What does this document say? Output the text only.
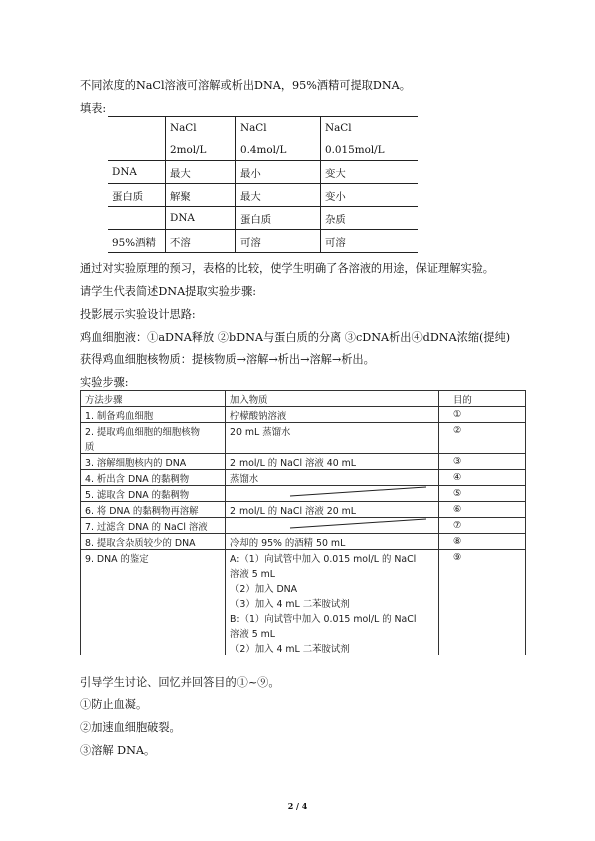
不同浓度的NaCl溶液可溶解或析出DNA，95%酒精可提取DNA。
填表:
	NaCl	NaCl	NaCl
	2mol/L	0.4mol/L	0.015mol/L
DNA	最大	最小	变大
蛋白质	解聚	最大	变小
	DNA	蛋白质	杂质
95%酒精	不溶	可溶	可溶
通过对实验原理的预习，表格的比较，使学生明确了各溶液的用途，保证理解实验。
请学生代表简述DNA提取实验步骤:
投影展示实验设计思路:
鸡血细胞液：①aDNA释放 ②bDNA与蛋白质的分离 ③cDNA析出④dDNA浓缩(提纯)
获得鸡血细胞核物质：提核物质→溶解→析出→溶解→析出。
实验步骤:
方法步骤	加入物质	目的
1. 制备鸡血细胞	柠檬酸钠溶液	①
2. 提取鸡血细胞的细胞核物	20 mL 蒸馏水	②
质		
3. 溶解细胞核内的 DNA	2 mol/L 的 NaCl 溶液 40 mL	③
4. 析出含 DNA 的黏稠物	蒸馏水	④
5. 滤取含 DNA 的黏稠物		⑤
6. 将 DNA 的黏稠物再溶解	2 mol/L 的 NaCl 溶液 20 mL	⑥
7. 过滤含 DNA 的 NaCl 溶液		⑦
8. 提取含杂质较少的 DNA	冷却的 95% 的酒精 50 mL	⑧
9. DNA 的鉴定	A:（1）向试管中加入 0.015 mol/L 的 NaCl	⑨
	溶液 5 mL	
	（2）加入 DNA	
	（3）加入 4 mL 二苯胺试剂	
	B:（1）向试管中加入 0.015 mol/L 的 NaCl	
	溶液 5 mL	
	（2）加入 4 mL 二苯胺试剂	
引导学生讨论、回忆并回答目的①~⑨。
①防止血凝。
②加速血细胞破裂。
③溶解 DNA。
2 / 4
